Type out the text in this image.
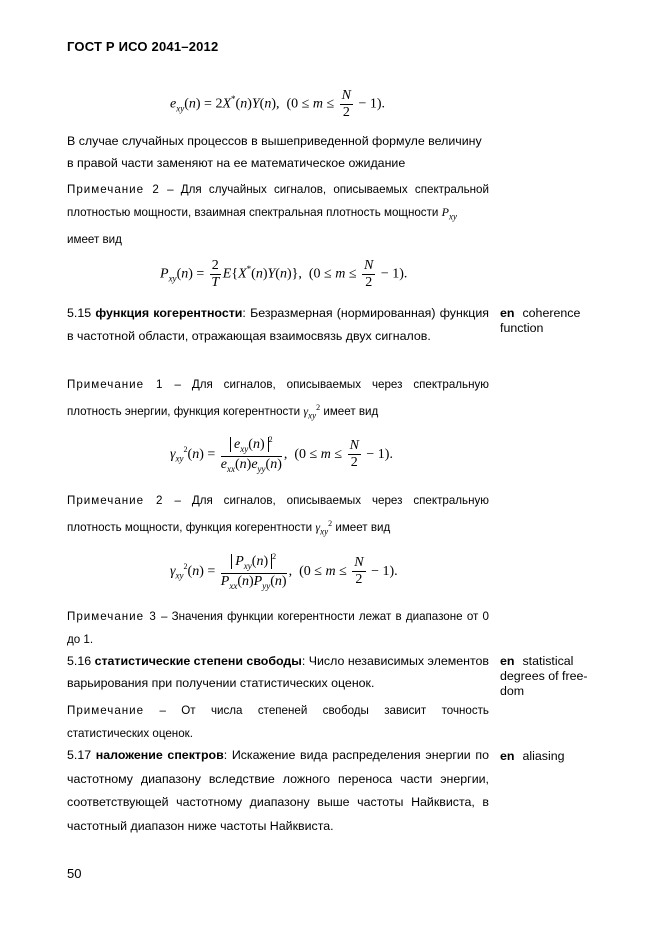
ГОСТ Р ИСО 2041–2012
$e_{xy}(n) = 2X^*(n)Y(n)$,  $(0 \le m \le \frac{N}{2} - 1)$.
В случае случайных процессов в вышеприведенной формуле величину в правой части заменяют на ее математическое ожидание
Примечание 2 – Для случайных сигналов, описываемых спектральной плотностью мощности, взаимная спектральная плотность мощности $P_{xy}$
имеет вид
$P_{xy}(n) = \frac{2}{T} E\{X^*(n)Y(n)\}$,  $(0 \le m \le \frac{N}{2} - 1)$.
5.15 функция когерентности: Безразмерная (нормированная) функция в частотной области, отражающая взаимосвязь двух сигналов.
en coherence function
Примечание 1 – Для сигналов, описываемых через спектральную плотность энергии, функция когерентности $\gamma_{xy}^2$ имеет вид
$\gamma_{xy}^2(n) = \frac{e_{xy}(n) ^2}{e_{xx}(n)e_{yy}(n)}$ ,  $(0 \le m \le \frac{N}{2} - 1)$.
Примечание 2 – Для сигналов, описываемых через спектральную плотность мощности, функция когерентности $\gamma_{xy}^2$ имеет вид
$\gamma_{xy}^2(n) = \frac{P_{xy}(n) ^2}{P_{xx}(n)P_{yy}(n)}$ ,  $(0 \le m \le \frac{N}{2} - 1)$.
Примечание 3 – Значения функции когерентности лежат в диапазоне от 0 до 1.
5.16 статистические степени свободы: Число независимых элементов варьирования при получении статистических оценок.
en statistical degrees of free-dom
Примечание – От числа степеней свободы зависит точность статистических оценок.
5.17 наложение спектров: Искажение вида распределения энергии по частотному диапазону вследствие ложного переноса части энергии, соответствующей частотному диапазону выше частоты Найквиста, в частотный диапазон ниже частоты Найквиста.
en aliasing
50
